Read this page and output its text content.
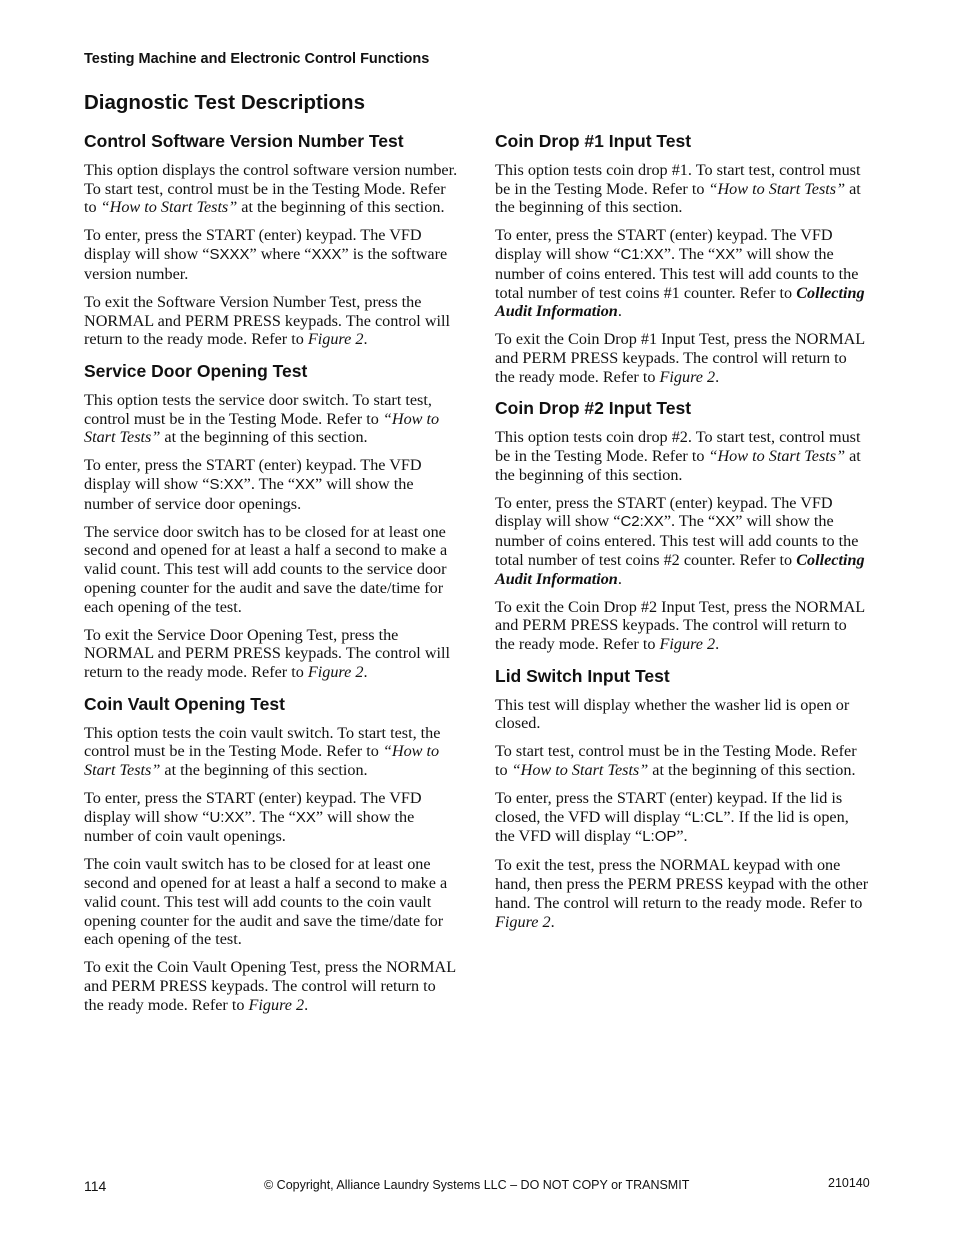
Testing Machine and Electronic Control Functions
Diagnostic Test Descriptions
Control Software Version Number Test

This option displays the control software version number. To start test, control must be in the Testing Mode. Refer to “How to Start Tests” at the beginning of this section.

To enter, press the START (enter) keypad. The VFD display will show “SXXX” where “XXX” is the software version number.

To exit the Software Version Number Test, press the NORMAL and PERM PRESS keypads. The control will return to the ready mode. Refer to Figure 2.

Service Door Opening Test

This option tests the service door switch. To start test, control must be in the Testing Mode. Refer to “How to Start Tests” at the beginning of this section.

To enter, press the START (enter) keypad. The VFD display will show “S:XX”. The “XX” will show the number of service door openings.

The service door switch has to be closed for at least one second and opened for at least a half a second to make a valid count. This test will add counts to the service door opening counter for the audit and save the date/time for each opening of the test.

To exit the Service Door Opening Test, press the NORMAL and PERM PRESS keypads. The control will return to the ready mode. Refer to Figure 2.

Coin Vault Opening Test

This option tests the coin vault switch. To start test, the control must be in the Testing Mode. Refer to “How to Start Tests” at the beginning of this section.

To enter, press the START (enter) keypad. The VFD display will show “U:XX”. The “XX” will show the number of coin vault openings.

The coin vault switch has to be closed for at least one second and opened for at least a half a second to make a valid count. This test will add counts to the coin vault opening counter for the audit and save the time/date for each opening of the test.

To exit the Coin Vault Opening Test, press the NORMAL and PERM PRESS keypads. The control will return to the ready mode. Refer to Figure 2.

Coin Drop #1 Input Test

This option tests coin drop #1. To start test, control must be in the Testing Mode. Refer to “How to Start Tests” at the beginning of this section.

To enter, press the START (enter) keypad. The VFD display will show “C1:XX”. The “XX” will show the number of coins entered. This test will add counts to the total number of test coins #1 counter. Refer to Collecting Audit Information.

To exit the Coin Drop #1 Input Test, press the NORMAL and PERM PRESS keypads. The control will return to the ready mode. Refer to Figure 2.

Coin Drop #2 Input Test

This option tests coin drop #2. To start test, control must be in the Testing Mode. Refer to “How to Start Tests” at the beginning of this section.

To enter, press the START (enter) keypad. The VFD display will show “C2:XX”. The “XX” will show the number of coins entered. This test will add counts to the total number of test coins #2 counter. Refer to Collecting Audit Information.

To exit the Coin Drop #2 Input Test, press the NORMAL and PERM PRESS keypads. The control will return to the ready mode. Refer to Figure 2.

Lid Switch Input Test

This test will display whether the washer lid is open or closed.

To start test, control must be in the Testing Mode. Refer to “How to Start Tests” at the beginning of this section.

To enter, press the START (enter) keypad. If the lid is closed, the VFD will display “L:CL”. If the lid is open, the VFD will display “L:OP”.

To exit the test, press the NORMAL keypad with one hand, then press the PERM PRESS keypad with the other hand. The control will return to the ready mode. Refer to Figure 2.

114	© Copyright, Alliance Laundry Systems LLC – DO NOT COPY or TRANSMIT	210140
